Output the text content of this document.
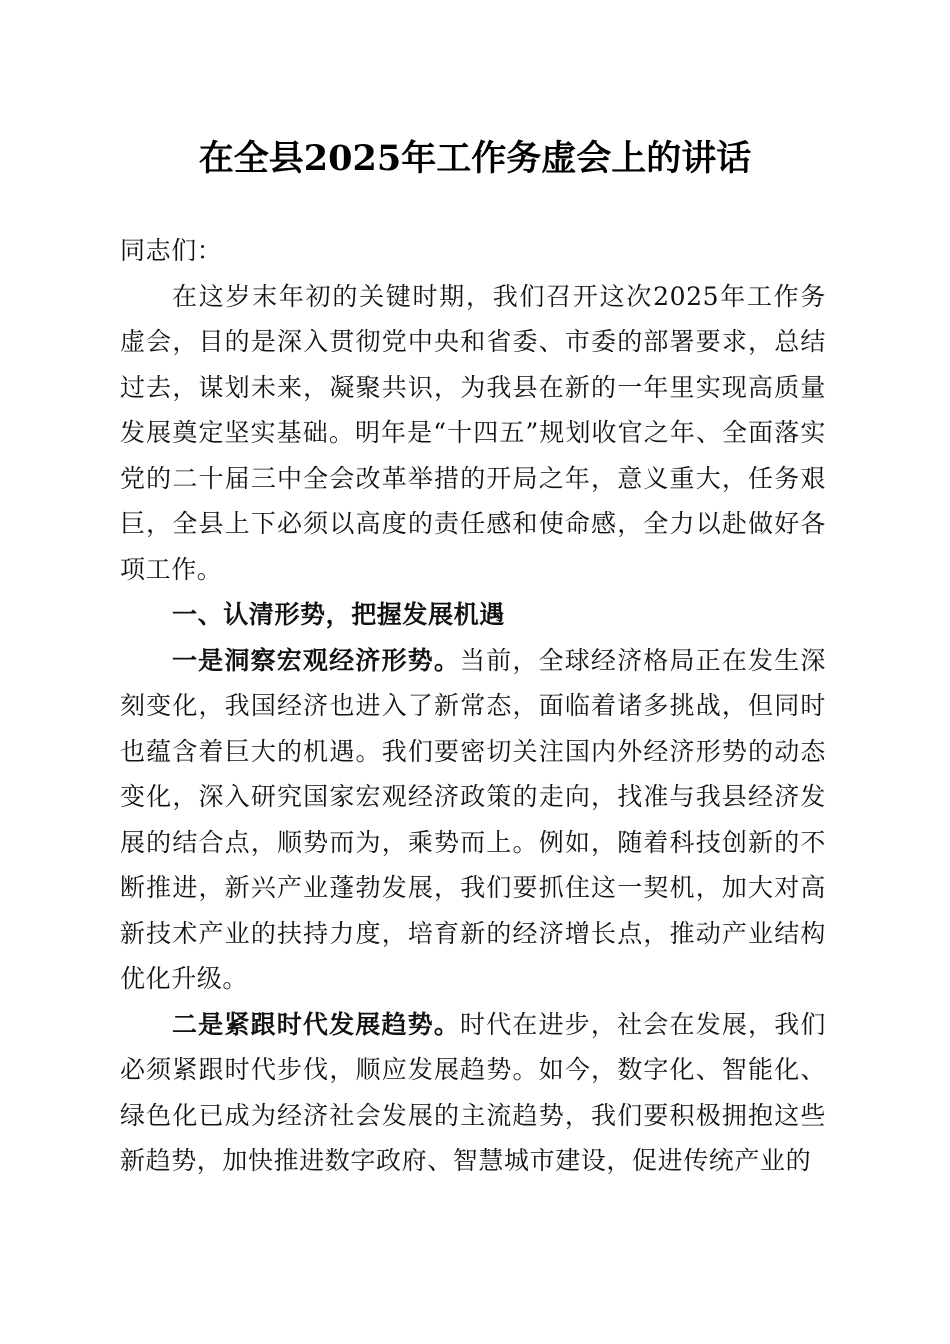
在全县2025年工作务虚会上的讲话

同志们：

在这岁末年初的关键时期，我们召开这次2025年工作务虚会，目的是深入贯彻党中央和省委、市委的部署要求，总结过去，谋划未来，凝聚共识，为我县在新的一年里实现高质量发展奠定坚实基础。明年是“十四五”规划收官之年、全面落实党的二十届三中全会改革举措的开局之年，意义重大，任务艰巨，全县上下必须以高度的责任感和使命感，全力以赴做好各项工作。

一、认清形势，把握发展机遇

一是洞察宏观经济形势。当前，全球经济格局正在发生深刻变化，我国经济也进入了新常态，面临着诸多挑战，但同时也蕴含着巨大的机遇。我们要密切关注国内外经济形势的动态变化，深入研究国家宏观经济政策的走向，找准与我县经济发展的结合点，顺势而为，乘势而上。例如，随着科技创新的不断推进，新兴产业蓬勃发展，我们要抓住这一契机，加大对高新技术产业的扶持力度，培育新的经济增长点，推动产业结构优化升级。

二是紧跟时代发展趋势。时代在进步，社会在发展，我们必须紧跟时代步伐，顺应发展趋势。如今，数字化、智能化、绿色化已成为经济社会发展的主流趋势，我们要积极拥抱这些新趋势，加快推进数字政府、智慧城市建设，促进传统产业的
